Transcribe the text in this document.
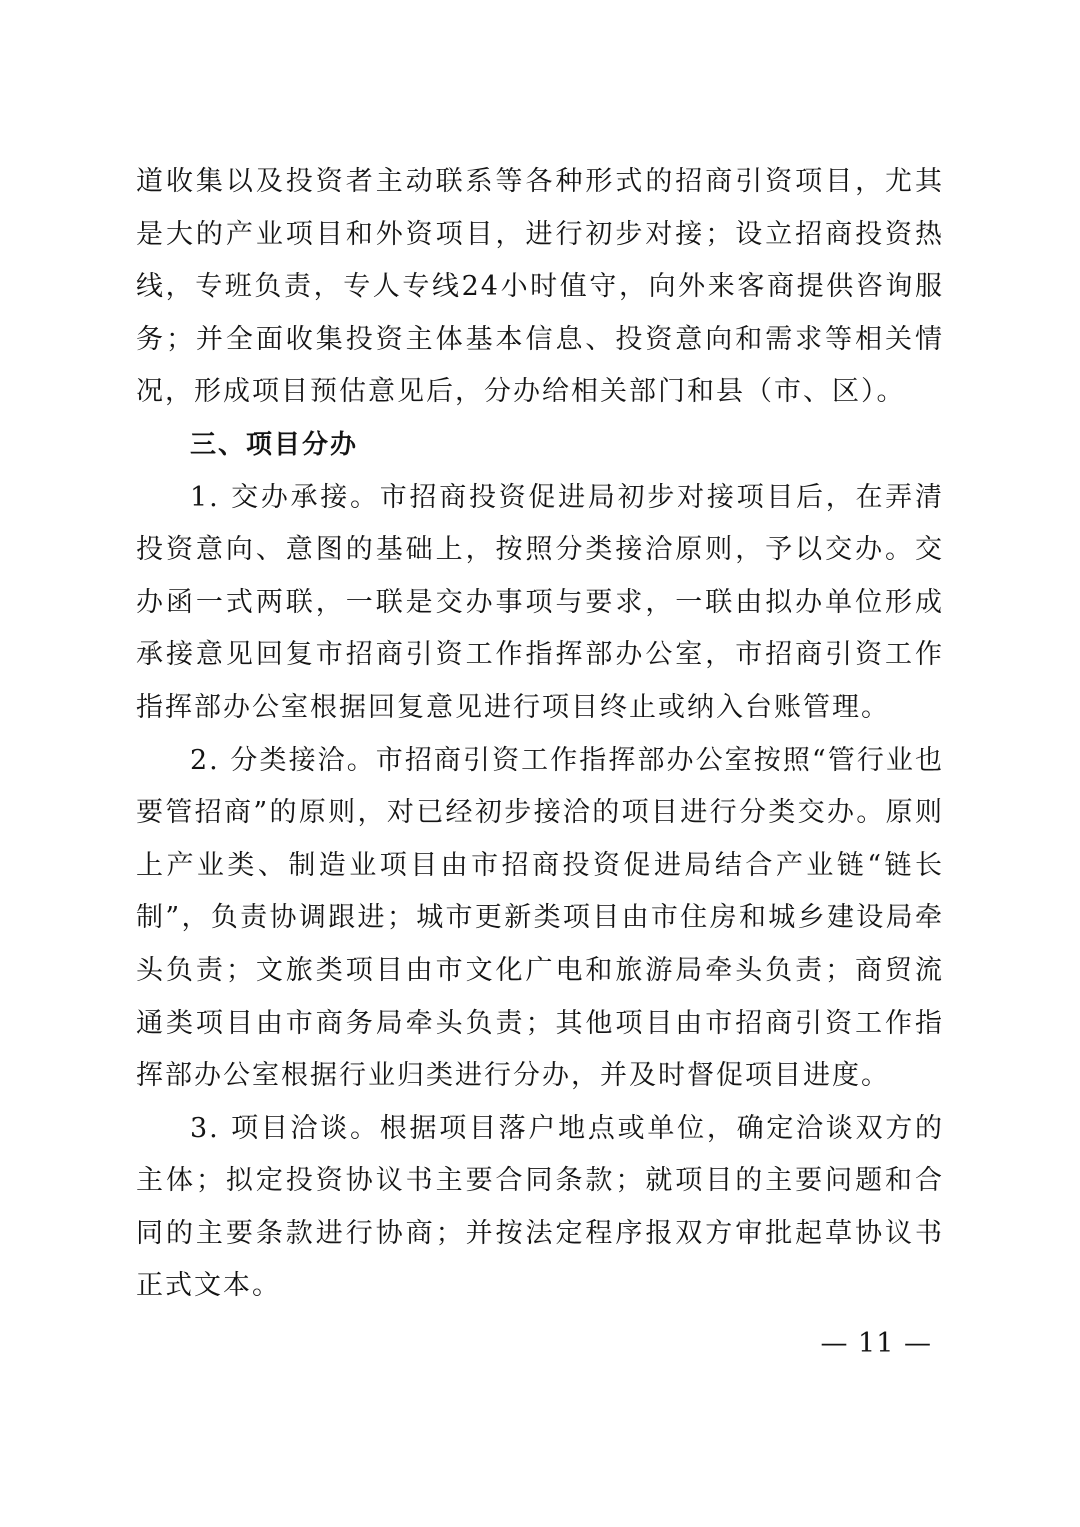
道收集以及投资者主动联系等各种形式的招商引资项目，尤其是大的产业项目和外资项目，进行初步对接；设立招商投资热线，专班负责，专人专线24小时值守，向外来客商提供咨询服务；并全面收集投资主体基本信息、投资意向和需求等相关情况，形成项目预估意见后，分办给相关部门和县（市、区）。

三、项目分办

1. 交办承接。市招商投资促进局初步对接项目后，在弄清投资意向、意图的基础上，按照分类接洽原则，予以交办。交办函一式两联，一联是交办事项与要求，一联由拟办单位形成承接意见回复市招商引资工作指挥部办公室，市招商引资工作指挥部办公室根据回复意见进行项目终止或纳入台账管理。

2. 分类接洽。市招商引资工作指挥部办公室按照“管行业也要管招商”的原则，对已经初步接洽的项目进行分类交办。原则上产业类、制造业项目由市招商投资促进局结合产业链“链长制”，负责协调跟进；城市更新类项目由市住房和城乡建设局牵头负责；文旅类项目由市文化广电和旅游局牵头负责；商贸流通类项目由市商务局牵头负责；其他项目由市招商引资工作指挥部办公室根据行业归类进行分办，并及时督促项目进度。

3. 项目洽谈。根据项目落户地点或单位，确定洽谈双方的主体；拟定投资协议书主要合同条款；就项目的主要问题和合同的主要条款进行协商；并按法定程序报双方审批起草协议书正式文本。

— 11 —
